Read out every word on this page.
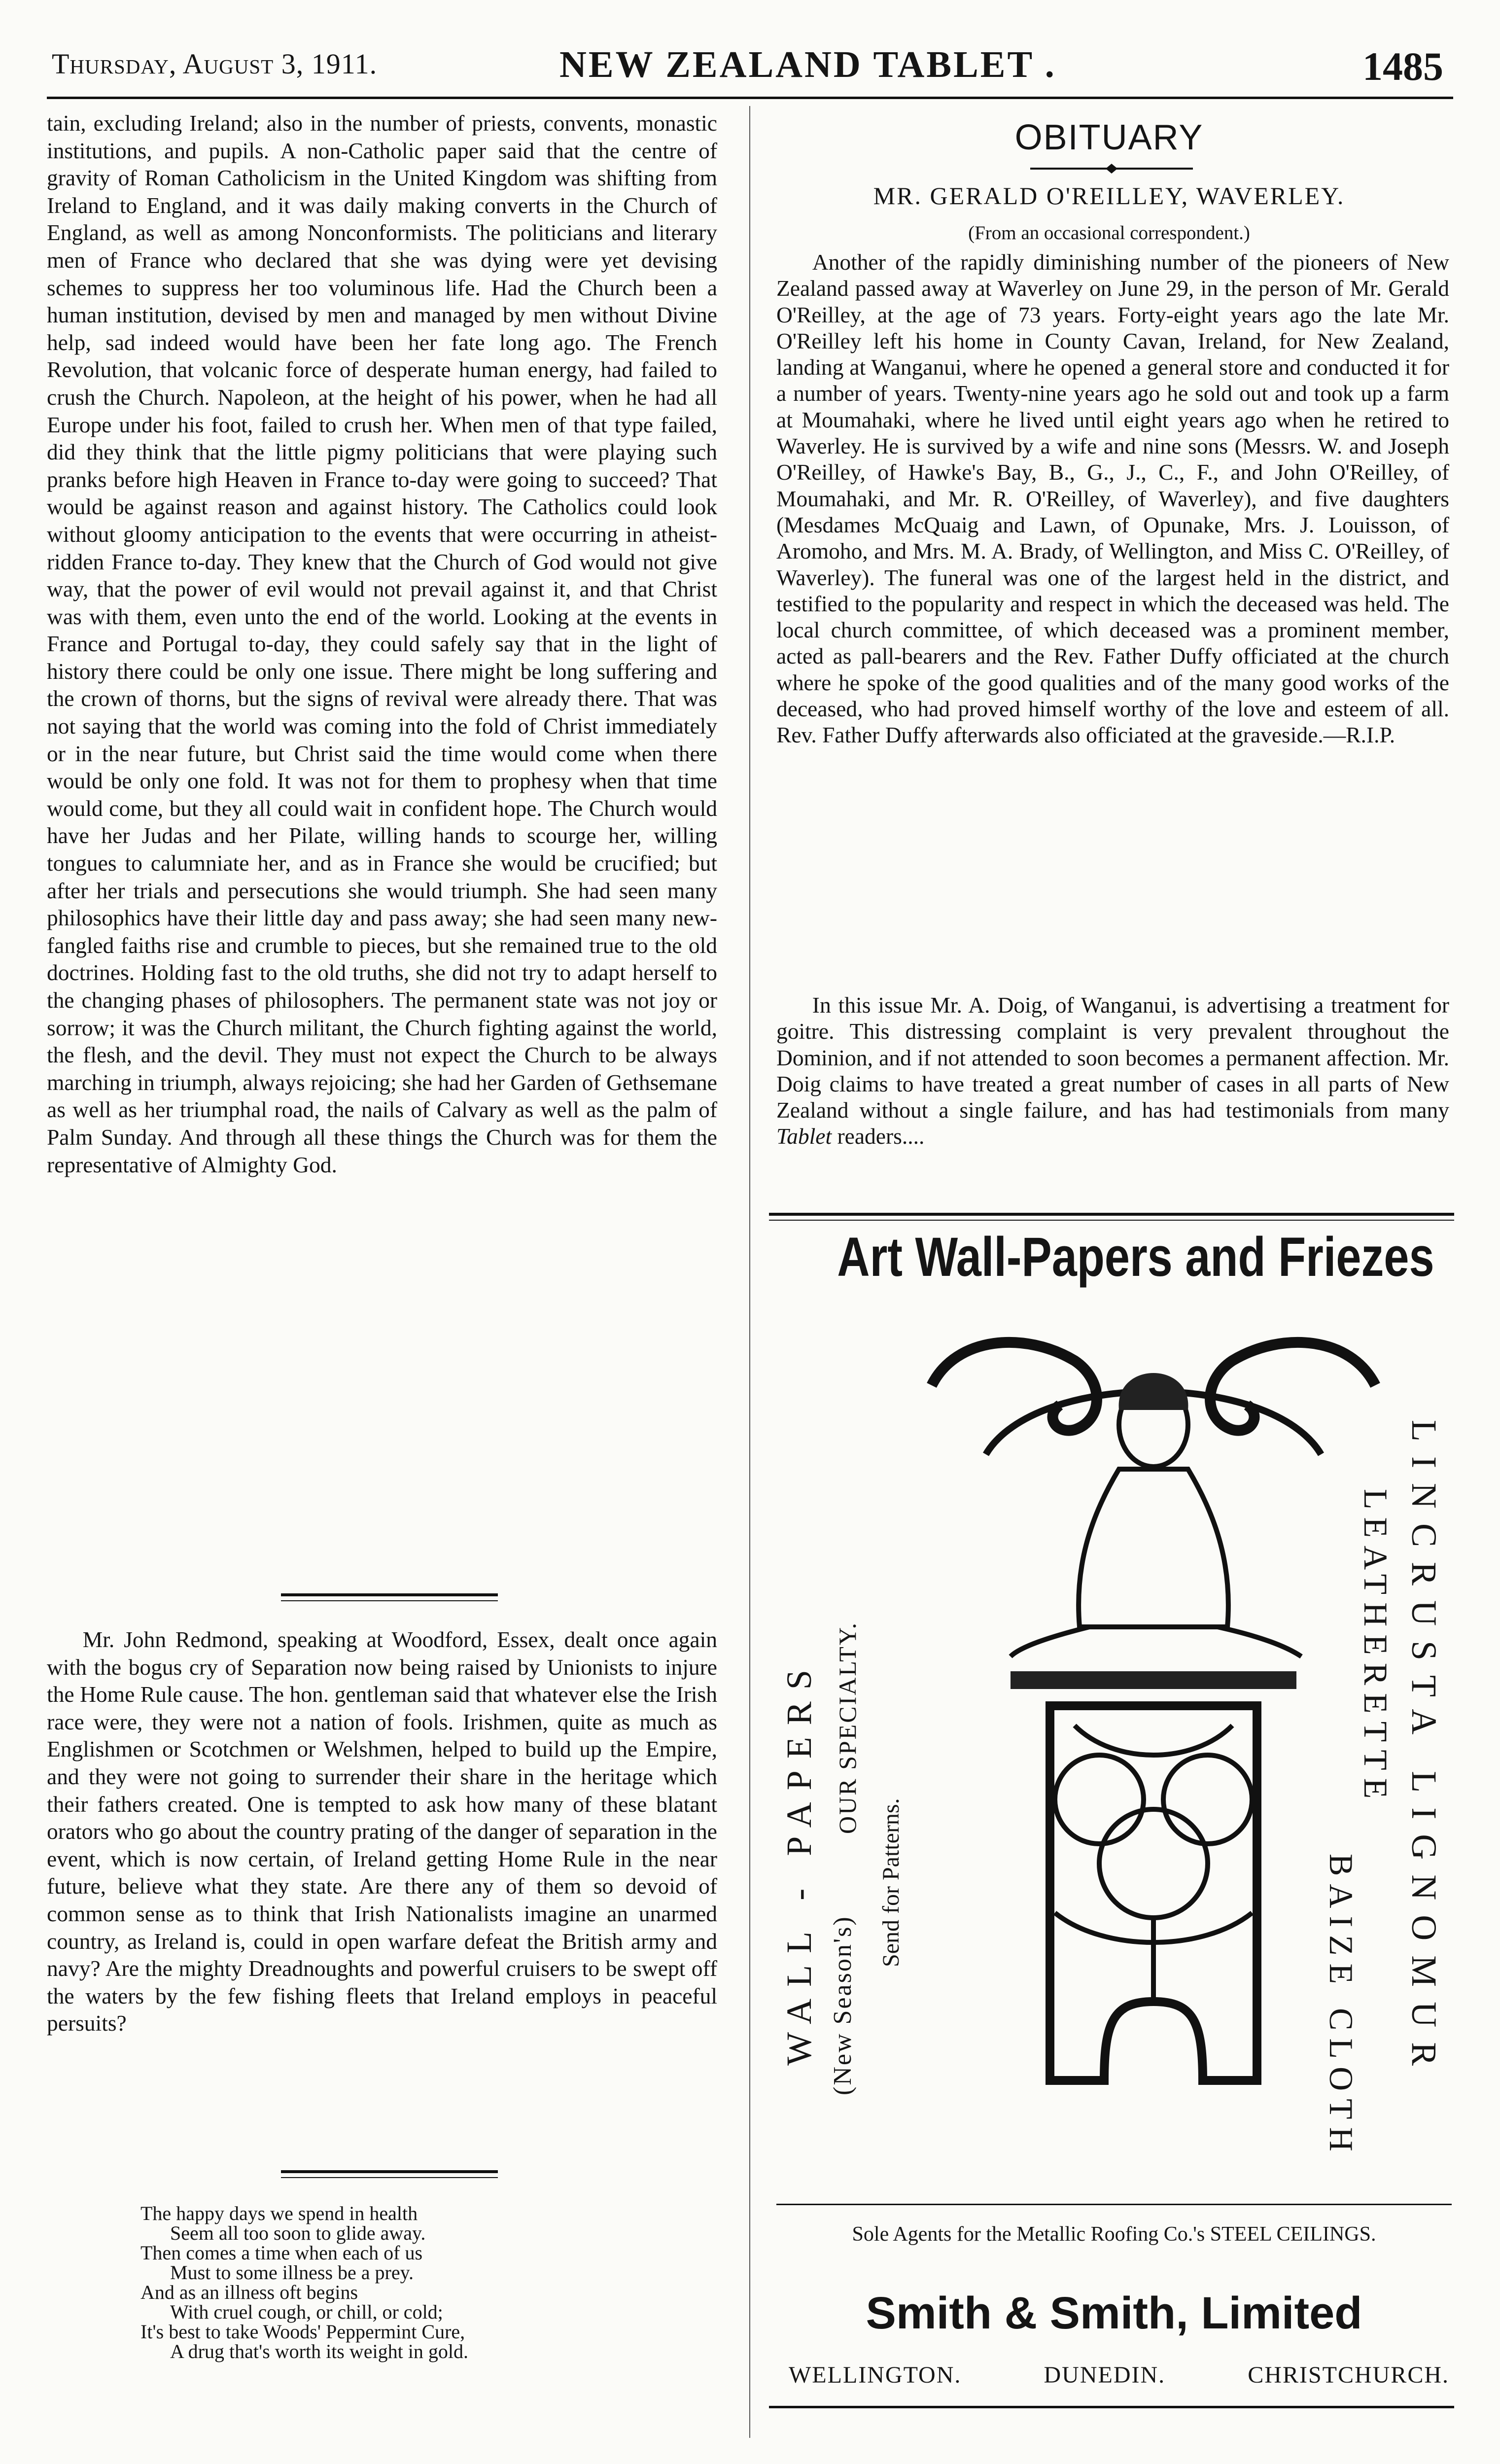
Thursday, August 3, 1911.	NEW ZEALAND TABLET .	1485

tain, excluding Ireland; also in the number of priests, convents, monastic institutions, and pupils. A non-Catholic paper said that the centre of gravity of Roman Catholicism in the United Kingdom was shifting from Ireland to England, and it was daily making converts in the Church of England, as well as among Nonconformists. The politicians and literary men of France who declared that she was dying were yet devising schemes to suppress her too voluminous life. Had the Church been a human institution, devised by men and managed by men without Divine help, sad indeed would have been her fate long ago. The French Revolution, that volcanic force of desperate human energy, had failed to crush the Church. Napoleon, at the height of his power, when he had all Europe under his foot, failed to crush her. When men of that type failed, did they think that the little pigmy politicians that were playing such pranks before high Heaven in France to-day were going to succeed? That would be against reason and against history. The Catholics could look without gloomy anticipation to the events that were occurring in atheist-ridden France to-day. They knew that the Church of God would not give way, that the power of evil would not prevail against it, and that Christ was with them, even unto the end of the world. Looking at the events in France and Portugal to-day, they could safely say that in the light of history there could be only one issue. There might be long suffering and the crown of thorns, but the signs of revival were already there. That was not saying that the world was coming into the fold of Christ immediately or in the near future, but Christ said the time would come when there would be only one fold. It was not for them to prophesy when that time would come, but they all could wait in confident hope. The Church would have her Judas and her Pilate, willing hands to scourge her, willing tongues to calumniate her, and as in France she would be crucified; but after her trials and persecutions she would triumph. She had seen many philosophics have their little day and pass away; she had seen many new-fangled faiths rise and crumble to pieces, but she remained true to the old doctrines. Holding fast to the old truths, she did not try to adapt herself to the changing phases of philosophers. The permanent state was not joy or sorrow; it was the Church militant, the Church fighting against the world, the flesh, and the devil. They must not expect the Church to be always marching in triumph, always rejoicing; she had her Garden of Gethsemane as well as her triumphal road, the nails of Calvary as well as the palm of Palm Sunday. And through all these things the Church was for them the representative of Almighty God.

Mr. John Redmond, speaking at Woodford, Essex, dealt once again with the bogus cry of Separation now being raised by Unionists to injure the Home Rule cause. The hon. gentleman said that whatever else the Irish race were, they were not a nation of fools. Irishmen, quite as much as Englishmen or Scotchmen or Welshmen, helped to build up the Empire, and they were not going to surrender their share in the heritage which their fathers created. One is tempted to ask how many of these blatant orators who go about the country prating of the danger of separation in the event, which is now certain, of Ireland getting Home Rule in the near future, believe what they state. Are there any of them so devoid of common sense as to think that Irish Nationalists imagine an unarmed country, as Ireland is, could in open warfare defeat the British army and navy? Are the mighty Dreadnoughts and powerful cruisers to be swept off the waters by the few fishing fleets that Ireland employs in peaceful persuits?

The happy days we spend in health
Seem all too soon to glide away.
Then comes a time when each of us
Must to some illness be a prey.
And as an illness oft begins
With cruel cough, or chill, or cold;
It's best to take Woods' Peppermint Cure,
A drug that's worth its weight in gold.
OBITUARY
MR. GERALD O'REILLEY, WAVERLEY.
(From an occasional correspondent.)

Another of the rapidly diminishing number of the pioneers of New Zealand passed away at Waverley on June 29, in the person of Mr. Gerald O'Reilley, at the age of 73 years. Forty-eight years ago the late Mr. O'Reilley left his home in County Cavan, Ireland, for New Zealand, landing at Wanganui, where he opened a general store and conducted it for a number of years. Twenty-nine years ago he sold out and took up a farm at Moumahaki, where he lived until eight years ago when he retired to Waverley. He is survived by a wife and nine sons (Messrs. W. and Joseph O'Reilley, of Hawke's Bay, B., G., J., C., F., and John O'Reilley, of Moumahaki, and Mr. R. O'Reilley, of Waverley), and five daughters (Mesdames McQuaig and Lawn, of Opunake, Mrs. J. Louisson, of Aromoho, and Mrs. M. A. Brady, of Wellington, and Miss C. O'Reilley, of Waverley). The funeral was one of the largest held in the district, and testified to the popularity and respect in which the deceased was held. The local church committee, of which deceased was a prominent member, acted as pall-bearers and the Rev. Father Duffy officiated at the church where he spoke of the good qualities and of the many good works of the deceased, who had proved himself worthy of the love and esteem of all. Rev. Father Duffy afterwards also officiated at the graveside.—R.I.P.

In this issue Mr. A. Doig, of Wanganui, is advertising a treatment for goitre. This distressing complaint is very prevalent throughout the Dominion, and if not attended to soon becomes a permanent affection. Mr. Doig claims to have treated a great number of cases in all parts of New Zealand without a single failure, and has had testimonials from many Tablet readers....

Art Wall-Papers and Friezes
WALL - PAPERS (New Season's)
OUR SPECIALTY.
Send for Patterns.	LINCRUSTA LIGNOMUR
LEATHERETTE
BAIZE CLOTH
Sole Agents for the Metallic Roofing Co.'s STEEL CEILINGS.
Smith & Smith, Limited
WELLINGTON.	DUNEDIN.	CHRISTCHURCH.
